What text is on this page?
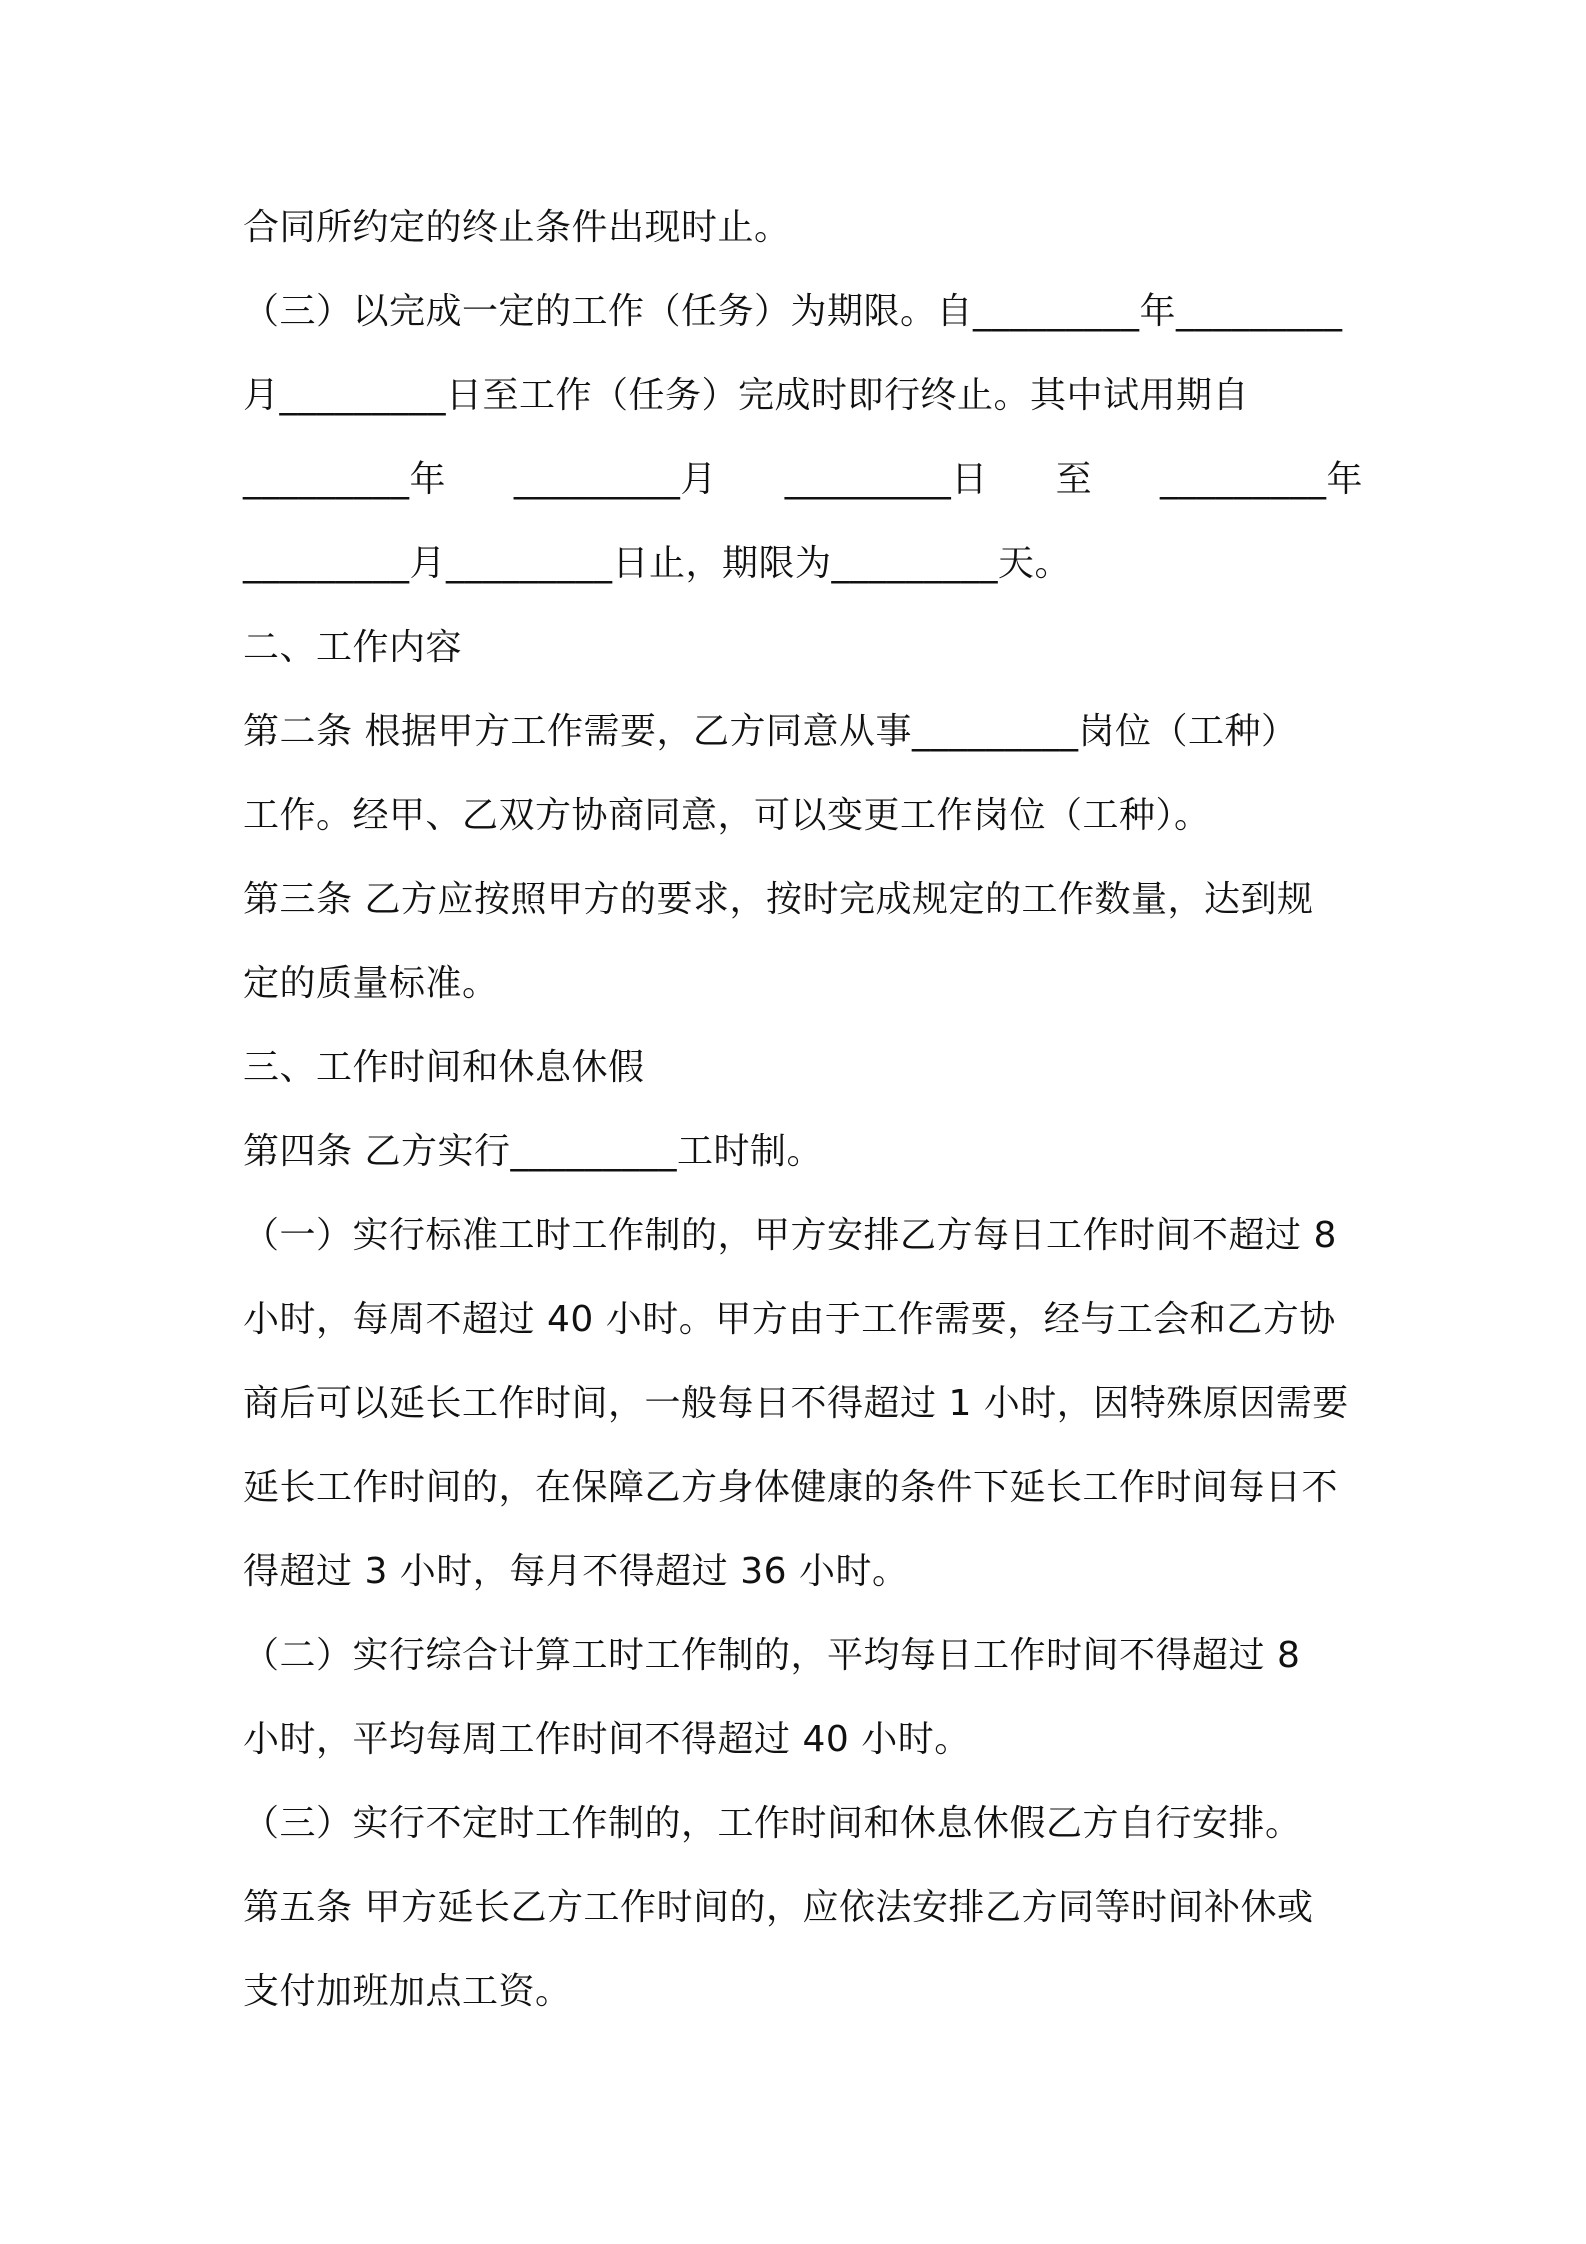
合同所约定的终止条件出现时止。
（三）以完成一定的工作（任务）为期限。自_________年_________
月_________日至工作（任务）完成时即行终止。其中试用期自
_________年 _________月 _________日 至 _________年
_________月_________日止，期限为_________天。
二、工作内容
第二条 根据甲方工作需要，乙方同意从事_________岗位（工种）
工作。经甲、乙双方协商同意，可以变更工作岗位（工种）。
第三条 乙方应按照甲方的要求，按时完成规定的工作数量，达到规
定的质量标准。
三、工作时间和休息休假
第四条 乙方实行_________工时制。
（一）实行标准工时工作制的，甲方安排乙方每日工作时间不超过 8
小时，每周不超过 40 小时。甲方由于工作需要，经与工会和乙方协
商后可以延长工作时间，一般每日不得超过 1 小时，因特殊原因需要
延长工作时间的，在保障乙方身体健康的条件下延长工作时间每日不
得超过 3 小时，每月不得超过 36 小时。
（二）实行综合计算工时工作制的，平均每日工作时间不得超过 8
小时，平均每周工作时间不得超过 40 小时。
（三）实行不定时工作制的，工作时间和休息休假乙方自行安排。
第五条 甲方延长乙方工作时间的，应依法安排乙方同等时间补休或
支付加班加点工资。
